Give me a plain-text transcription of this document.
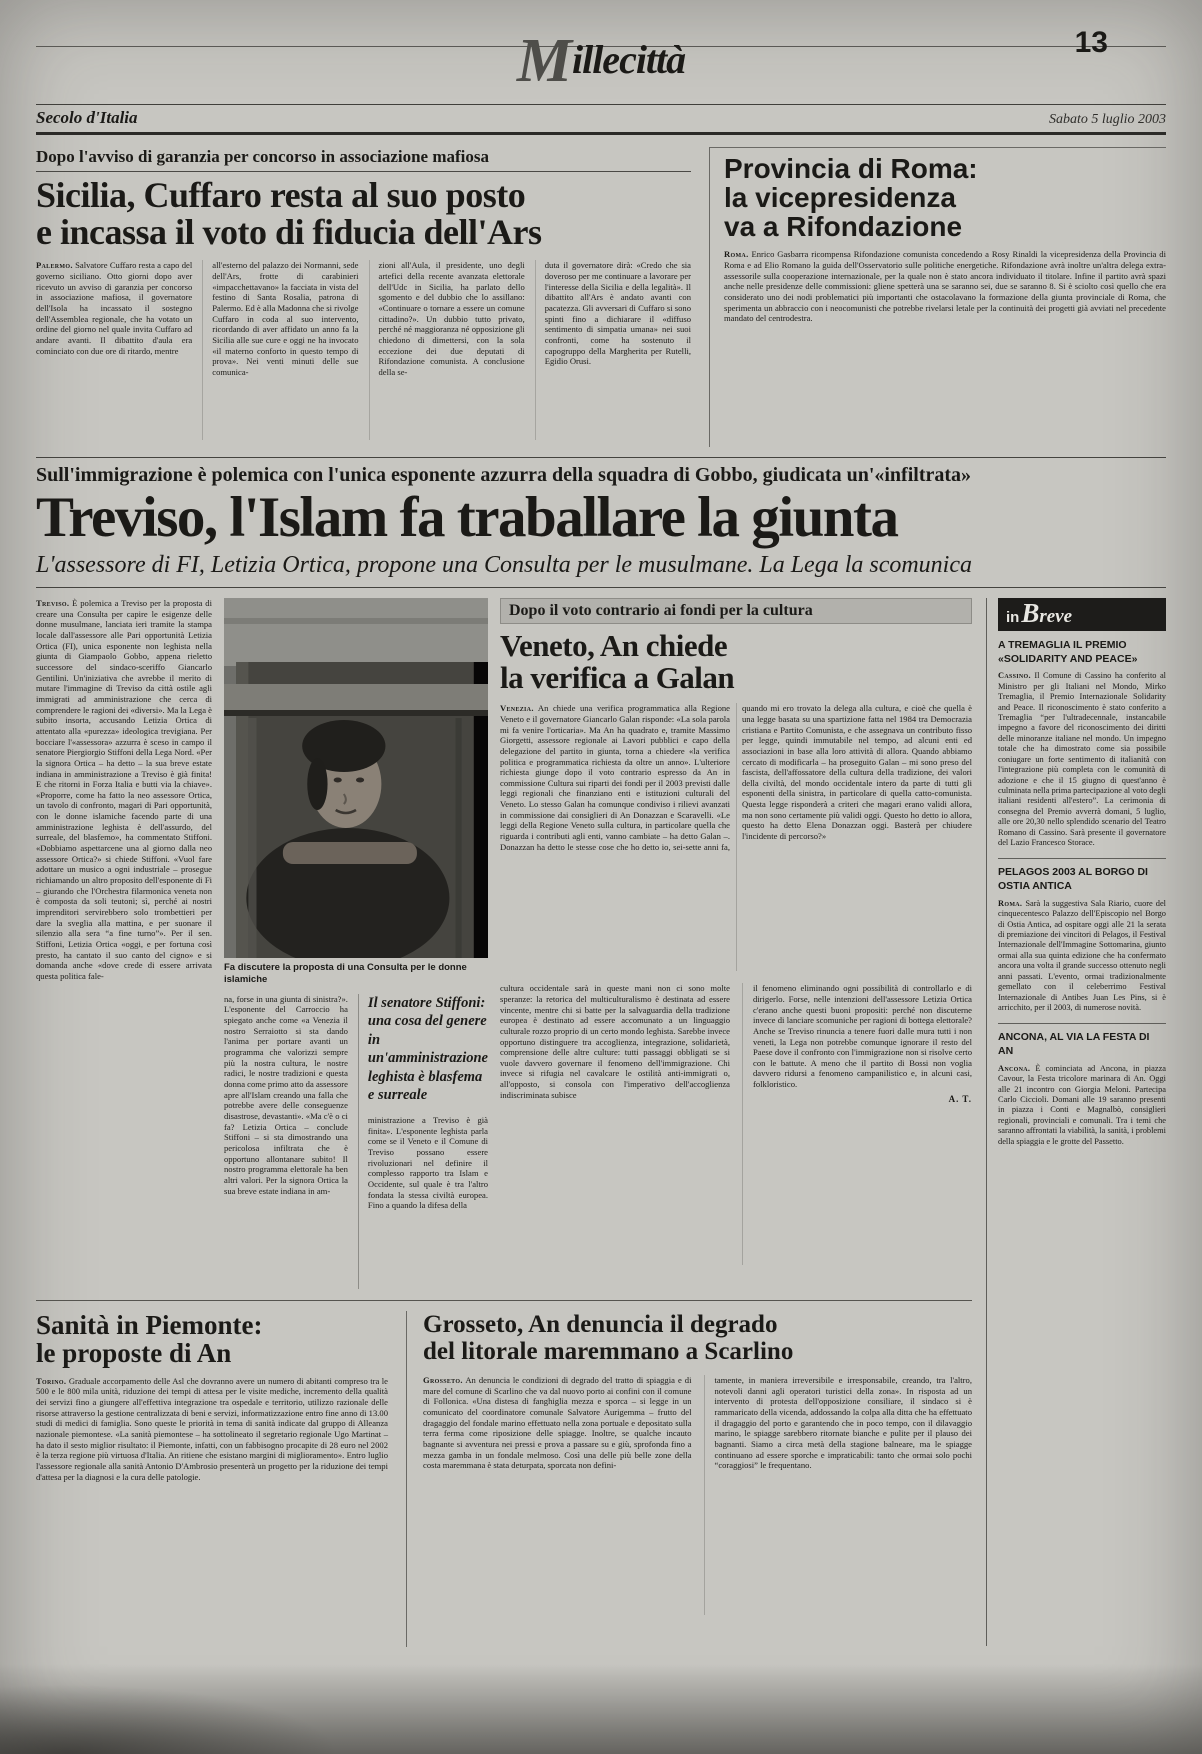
Millecittà	13
Secolo d'Italia	Sabato 5 luglio 2003
Dopo l'avviso di garanzia per concorso in associazione mafiosa
Sicilia, Cuffaro resta al suo posto
e incassa il voto di fiducia dell'Ars

Palermo. Salvatore Cuffaro resta a capo del governo siciliano. Otto giorni dopo aver ricevuto un avviso di garanzia per concorso in associazione mafiosa, il governatore dell'Isola ha incassato il sostegno dell'Assemblea regionale, che ha votato un ordine del giorno nel quale invita Cuffaro ad andare avanti. Il dibattito d'aula era cominciato con due ore di ritardo, mentre

all'esterno del palazzo dei Normanni, sede dell'Ars, frotte di carabinieri «impacchettavano» la facciata in vista del festino di Santa Rosalia, patrona di Palermo. Ed è alla Madonna che si rivolge Cuffaro in coda al suo intervento, ricordando di aver affidato un anno fa la Sicilia alle sue cure e oggi ne ha invocato «il materno conforto in questo tempo di prova». Nei venti minuti delle sue comunica-

zioni all'Aula, il presidente, uno degli artefici della recente avanzata elettorale dell'Udc in Sicilia, ha parlato dello sgomento e del dubbio che lo assillano: «Continuare o tornare a essere un comune cittadino?». Un dubbio tutto privato, perché né maggioranza né opposizione gli chiedono di dimettersi, con la sola eccezione dei due deputati di Rifondazione comunista. A conclusione della se-

duta il governatore dirà: «Credo che sia doveroso per me continuare a lavorare per l'interesse della Sicilia e della legalità». Il dibattito all'Ars è andato avanti con pacatezza. Gli avversari di Cuffaro si sono spinti fino a dichiarare il «diffuso sentimento di simpatia umana» nei suoi confronti, come ha sostenuto il capogruppo della Margherita per Rutelli, Egidio Orusi.

Provincia di Roma:
la vicepresidenza
va a Rifondazione

Roma. Enrico Gasbarra ricompensa Rifondazione comunista concedendo a Rosy Rinaldi la vicepresidenza della Provincia di Roma e ad Elio Romano la guida dell'Osservatorio sulle politiche energetiche. Rifondazione avrà inoltre un'altra delega extra-assessorile sulla cooperazione internazionale, per la quale non è stato ancora individuato il titolare. Infine il partito avrà spazi anche nelle presidenze delle commissioni: gliene spetterà una se saranno sei, due se saranno 8. Si è sciolto così quello che era considerato uno dei nodi problematici più importanti che ostacolavano la formazione della giunta provinciale di Roma, che sperimenta un abbraccio con i neocomunisti che potrebbe rivelarsi letale per la continuità dei progetti già avviati nel precedente mandato del centrodestra.

Sull'immigrazione è polemica con l'unica esponente azzurra della squadra di Gobbo, giudicata un'«infiltrata»
Treviso, l'Islam fa traballare la giunta
L'assessore di FI, Letizia Ortica, propone una Consulta per le musulmane. La Lega la scomunica

Treviso. È polemica a Treviso per la proposta di creare una Consulta per capire le esigenze delle donne musulmane, lanciata ieri tramite la stampa locale dall'assessore alle Pari opportunità Letizia Ortica (FI), unica esponente non leghista nella giunta di Giampaolo Gobbo, appena rieletto successore del sindaco-sceriffo Giancarlo Gentilini. Un'iniziativa che avrebbe il merito di mutare l'immagine di Treviso da città ostile agli immigrati ad amministrazione che cerca di comprendere le ragioni dei «diversi». Ma la Lega è subito insorta, accusando Letizia Ortica di attentato alla «purezza» ideologica trevigiana. Per bocciare l'«assessora» azzurra è sceso in campo il senatore Piergiorgio Stiffoni della Lega Nord. «Per la signora Ortica – ha detto – la sua breve estate indiana in amministrazione a Treviso è già finita! E che ritorni in Forza Italia e butti via la chiave». «Proporre, come ha fatto la neo assessore Ortica, un tavolo di confronto, magari di Pari opportunità, con le donne islamiche facendo parte di una amministrazione leghista è dell'assurdo, del surreale, del blasfemo», ha commentato Stiffoni. «Dobbiamo aspettarcene una al giorno dalla neo assessore Ortica?» si chiede Stiffoni. «Vuol fare adottare un musico a ogni industriale – prosegue richiamando un altro proposito dell'esponente di Fi – giurando che l'Orchestra filarmonica veneta non è composta da soli teutoni; sì, perché ai nostri imprenditori servirebbero solo trombettieri per dare la sveglia alla mattina, e per suonare il silenzio alla sera “a fine turno”». Per il sen. Stiffoni, Letizia Ortica «oggi, e per fortuna così presto, ha cantato il suo canto del cigno» e si domanda anche «dove crede di essere arrivata questa politica fale-

Fa discutere la proposta di una Consulta per le donne islamiche

na, forse in una giunta di sinistra?». L'esponente del Carroccio ha spiegato anche come «a Venezia il nostro Serraiotto si sta dando l'anima per portare avanti un programma che valorizzi sempre più la nostra cultura, le nostre radici, le nostre tradizioni e questa donna come primo atto da assessore apre all'Islam creando una falla che potrebbe avere delle conseguenze disastrose, devastanti». «Ma c'è o ci fa? Letizia Ortica – conclude Stiffoni – si sta dimostrando una pericolosa infiltrata che è opportuno allontanare subito! Il nostro programma elettorale ha ben altri valori. Per la signora Ortica la sua breve estate indiana in am-

Il senatore Stiffoni: una cosa del genere in un'amministrazione leghista è blasfema e surreale

ministrazione a Treviso è già finita». L'esponente leghista parla come se il Veneto e il Comune di Treviso possano essere rivoluzionari nel definire il complesso rapporto tra Islam e Occidente, sul quale è tra l'altro fondata la stessa civiltà europea. Fino a quando la difesa della

Dopo il voto contrario ai fondi per la cultura
Veneto, An chiede
la verifica a Galan

Venezia. An chiede una verifica programmatica alla Regione Veneto e il governatore Giancarlo Galan risponde: «La sola parola mi fa venire l'orticaria». Ma An ha quadrato e, tramite Massimo Giorgetti, assessore regionale ai Lavori pubblici e capo della delegazione del partito in giunta, torna a chiedere «la verifica politica e programmatica richiesta da oltre un anno». L'ulteriore richiesta giunge dopo il voto contrario espresso da An in commissione Cultura sui riparti dei fondi per il 2003 previsti dalle leggi regionali che finanziano enti e istituzioni culturali del Veneto. Lo stesso Galan ha comunque condiviso i rilievi avanzati in commissione dai consiglieri di An Donazzan e Scaravelli. «Le leggi della Regione Veneto sulla cultura, in particolare quella che riguarda i contributi agli enti, vanno cambiate – ha detto Galan –. Donazzan ha detto le stesse cose che ho detto io, sei-sette anni fa, quando mi ero trovato la delega alla cultura, e cioè che quella è una legge basata su una spartizione fatta nel 1984 tra Democrazia cristiana e Partito Comunista, e che assegnava un contributo fisso per legge, quindi immutabile nel tempo, ad alcuni enti ed associazioni in base alla loro attività di allora. Quando abbiamo cercato di modificarla – ha proseguito Galan – mi sono preso del fascista, dell'affossatore della cultura della tradizione, dei valori della civiltà, del mondo occidentale intero da parte di tutti gli esponenti della sinistra, in particolare di quella catto-comunista. Questa legge risponderà a criteri che magari erano validi allora, ma non sono certamente più validi oggi. Questo ho detto io allora, questo ha detto Elena Donazzan oggi. Basterà per chiudere l'incidente di percorso?»

cultura occidentale sarà in queste mani non ci sono molte speranze: la retorica del multiculturalismo è destinata ad essere vincente, mentre chi si batte per la salvaguardia della tradizione europea è destinato ad essere accomunato a un linguaggio culturale rozzo proprio di un certo mondo leghista. Sarebbe invece opportuno distinguere tra accoglienza, integrazione, solidarietà, comprensione delle altre culture: tutti passaggi obbligati se si vuole davvero governare il fenomeno dell'immigrazione. Chi invece si rifugia nel cavalcare le ostilità anti-immigrati o, all'opposto, si consola con l'imperativo dell'accoglienza indiscriminata subisce

il fenomeno eliminando ogni possibilità di controllarlo e di dirigerlo. Forse, nelle intenzioni dell'assessore Letizia Ortica c'erano anche questi buoni propositi: perché non discuterne invece di lanciare scomuniche per ragioni di bottega elettorale? Anche se Treviso rinuncia a tenere fuori dalle mura tutti i non veneti, la Lega non potrebbe comunque ignorare il resto del Paese dove il confronto con l'immigrazione non si risolve certo con le battute. A meno che il partito di Bossi non voglia davvero ridursi a fenomeno campanilistico e, in alcuni casi, folkloristico.

A. T.
Sanità in Piemonte:
le proposte di An

Torino. Graduale accorpamento delle Asl che dovranno avere un numero di abitanti compreso tra le 500 e le 800 mila unità, riduzione dei tempi di attesa per le visite mediche, incremento della qualità dei servizi fino a giungere all'effettiva integrazione tra ospedale e territorio, utilizzo razionale delle risorse attraverso la gestione centralizzata di beni e servizi, informatizzazione entro fine anno di 13.00 studi di medici di famiglia. Sono queste le priorità in tema di sanità indicate dal gruppo di Alleanza nazionale piemontese. «La sanità piemontese – ha sottolineato il segretario regionale Ugo Martinat – ha dato il sesto miglior risultato: il Piemonte, infatti, con un fabbisogno procapite di 28 euro nel 2002 è la terza regione più virtuosa d'Italia. An ritiene che esistano margini di miglioramento». Entro luglio l'assessore regionale alla sanità Antonio D'Ambrosio presenterà un progetto per la riduzione dei tempi d'attesa per la diagnosi e la cura delle patologie.

Grosseto, An denuncia il degrado
del litorale maremmano a Scarlino

Grosseto. An denuncia le condizioni di degrado del tratto di spiaggia e di mare del comune di Scarlino che va dal nuovo porto ai confini con il comune di Follonica. «Una distesa di fanghiglia mezza e sporca – si legge in un comunicato del coordinatore comunale Salvatore Aurigemma – frutto del dragaggio del fondale marino effettuato nella zona portuale e depositato sulla terra ferma come riposizione delle spiagge. Inoltre, se qualche incauto bagnante si avventura nei pressi e prova a passare su e giù, sprofonda fino a mezza gamba in un fondale melmoso. Così una delle più belle zone della costa maremmana è stata deturpata, sporcata non defini-

tamente, in maniera irreversibile e irresponsabile, creando, tra l'altro, notevoli danni agli operatori turistici della zona». In risposta ad un intervento di protesta dell'opposizione consiliare, il sindaco si è rammaricato della vicenda, addossando la colpa alla ditta che ha effettuato il dragaggio del porto e garantendo che in poco tempo, con il dilavaggio marino, le spiagge sarebbero ritornate bianche e pulite per il plauso dei bagnanti. Siamo a circa metà della stagione balneare, ma le spiagge continuano ad essere sporche e impraticabili: tanto che ormai solo pochi “coraggiosi” le frequentano.

inBreve
A TREMAGLIA IL PREMIO «SOLIDARITY AND PEACE»

Cassino. Il Comune di Cassino ha conferito al Ministro per gli Italiani nel Mondo, Mirko Tremaglia, il Premio Internazionale Solidarity and Peace. Il riconoscimento è stato conferito a Tremaglia “per l'ultradecennale, instancabile impegno a favore del riconoscimento dei diritti delle minoranze italiane nel mondo. Un impegno totale che ha dimostrato come sia possibile coniugare un forte sentimento di italianità con l'integrazione più completa con le comunità di adozione e che il 15 giugno di quest'anno è culminata nella prima partecipazione al voto degli italiani residenti all'estero”. La cerimonia di consegna del Premio avverrà domani, 5 luglio, alle ore 20,30 nello splendido scenario del Teatro Romano di Cassino. Sarà presente il governatore del Lazio Francesco Storace.

PELAGOS 2003 AL BORGO DI OSTIA ANTICA

Roma. Sarà la suggestiva Sala Riario, cuore del cinquecentesco Palazzo dell'Episcopio nel Borgo di Ostia Antica, ad ospitare oggi alle 21 la serata di premiazione dei vincitori di Pelagos, il Festival Internazionale dell'Immagine Sottomarina, giunto ormai alla sua quinta edizione che ha confermato ancora una volta il grande successo ottenuto negli anni passati. L'evento, ormai tradizionalmente gemellato con il celeberrimo Festival Internazionale di Antibes Juan Les Pins, si è arricchito, per il 2003, di numerose novità.

ANCONA, AL VIA LA FESTA DI AN

Ancona. È cominciata ad Ancona, in piazza Cavour, la Festa tricolore marinara di An. Oggi alle 21 incontro con Giorgia Meloni. Partecipa Carlo Ciccioli. Domani alle 19 saranno presenti in piazza i Conti e Magnalbò, consiglieri regionali, provinciali e comunali. Tra i temi che saranno affrontati la viabilità, la sanità, i problemi della spiaggia e le grotte del Passetto.
